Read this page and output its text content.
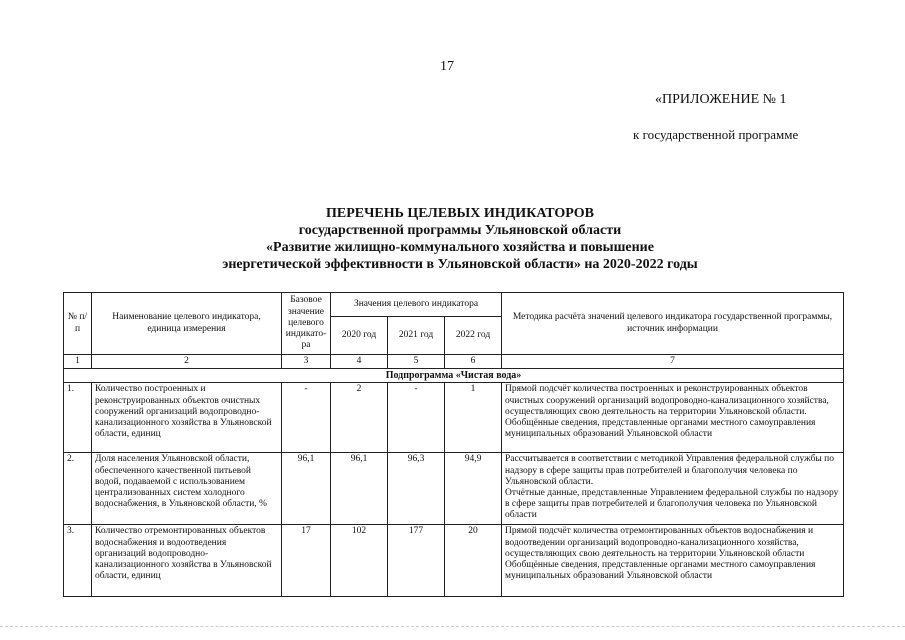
17
«ПРИЛОЖЕНИЕ № 1
к государственной программе
ПЕРЕЧЕНЬ ЦЕЛЕВЫХ ИНДИКАТОРОВ
государственной программы Ульяновской области
«Развитие жилищно-коммунального хозяйства и повышение
энергетической эффективности в Ульяновской области» на 2020-2022 годы
№ п/п	Наименование целевого индикатора, единица измерения	Базовое значение целевого индикато-ра	Значения целевого индикатора			Методика расчёта значений целевого индикатора государственной программы, источник информации
			2020 год	2021 год	2022 год	
1	2	3	4	5	6	7
Подпрограмма «Чистая вода»						
1.	Количество построенных и реконструированных объектов очистных сооружений организаций водопроводно-канализационного хозяйства в Ульяновской области, единиц	-	2	-	1	Прямой подсчёт количества построенных и реконструированных объектов очистных сооружений организаций водопроводно-канализационного хозяйства, осуществляющих свою деятельность на территории Ульяновской области.
Обобщённые сведения, представленные органами местного самоуправления муниципальных образований Ульяновской области

2.	Доля населения Ульяновской области, обеспеченного качественной питьевой водой, подаваемой с использованием централизованных систем холодного водоснабжения, в Ульяновской области, %	96,1	96,1	96,3	94,9	Рассчитывается в соответствии с методикой Управления федеральной службы по надзору в сфере защиты прав потребителей и благополучия человека по Ульяновской области.
Отчётные данные, представленные Управлением федеральной службы по надзору в сфере защиты прав потребителей и благополучия человека по Ульяновской области

3.	Количество отремонтированных объектов водоснабжения и водоотведения организаций водопроводно-канализационного хозяйства в Ульяновской области, единиц	17	102	177	20	Прямой подсчёт количества отремонтированных объектов водоснабжения и водоотведении организаций водопроводно-канализационного хозяйства, осуществляющих свою деятельность на территории Ульяновской области
Обобщённые сведения, представленные органами местного самоуправления муниципальных образований Ульяновской области
